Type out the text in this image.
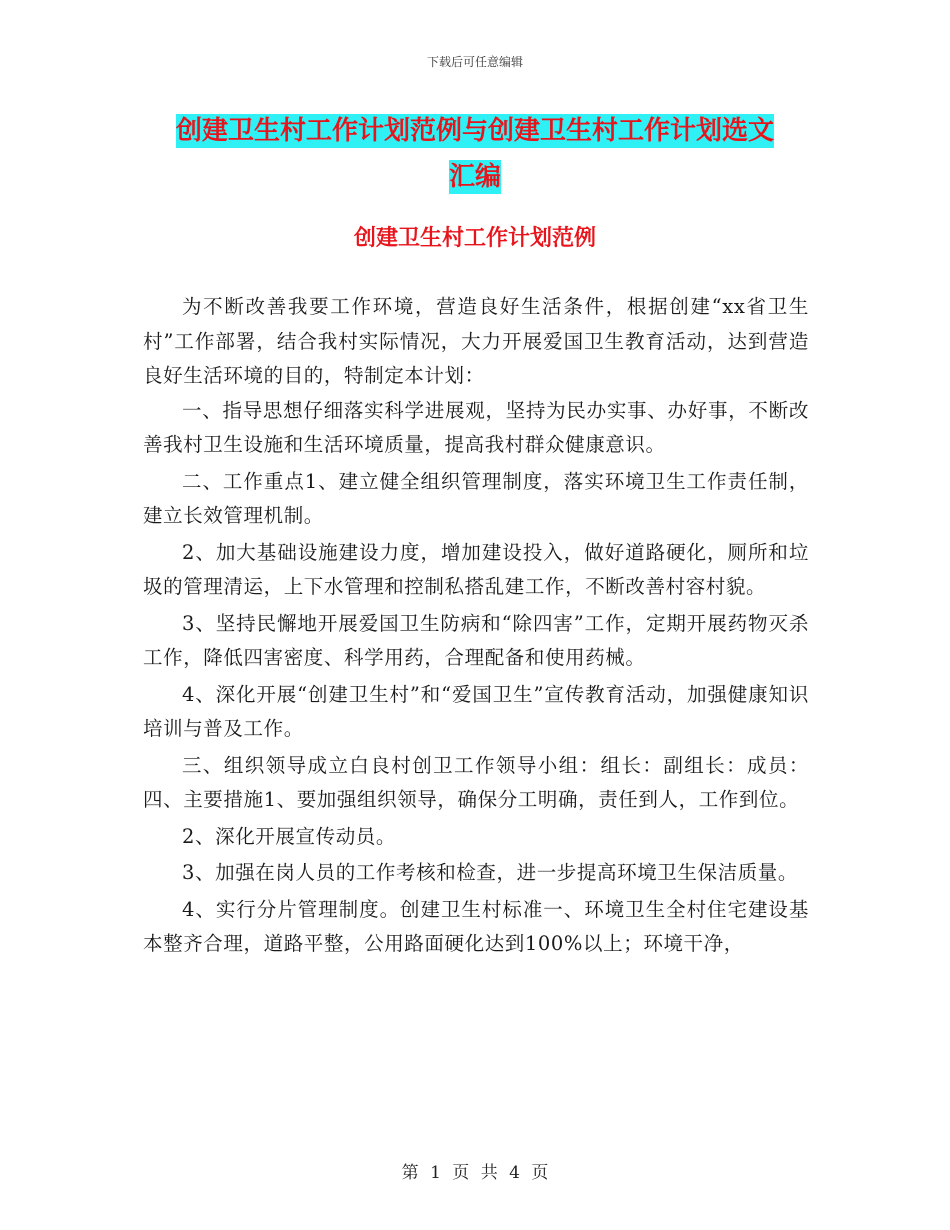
下载后可任意编辑
创建卫生村工作计划范例与创建卫生村工作计划选文
汇编
创建卫生村工作计划范例

为不断改善我要工作环境，营造良好生活条件，根据创建“xx省卫生村”工作部署，结合我村实际情况，大力开展爱国卫生教育活动，达到营造良好生活环境的目的，特制定本计划：

一、指导思想仔细落实科学进展观，坚持为民办实事、办好事，不断改善我村卫生设施和生活环境质量，提高我村群众健康意识。

二、工作重点1、建立健全组织管理制度，落实环境卫生工作责任制，建立长效管理机制。

2、加大基础设施建设力度，增加建设投入，做好道路硬化，厕所和垃圾的管理清运，上下水管理和控制私搭乱建工作，不断改善村容村貌。

3、坚持民懈地开展爱国卫生防病和“除四害”工作，定期开展药物灭杀工作，降低四害密度、科学用药，合理配备和使用药械。

4、深化开展“创建卫生村”和“爱国卫生”宣传教育活动，加强健康知识培训与普及工作。

三、组织领导成立白良村创卫工作领导小组：组长：副组长：成员：四、主要措施1、要加强组织领导，确保分工明确，责任到人，工作到位。

2、深化开展宣传动员。

3、加强在岗人员的工作考核和检查，进一步提高环境卫生保洁质量。

4、实行分片管理制度。创建卫生村标准一、环境卫生全村住宅建设基本整齐合理，道路平整，公用路面硬化达到100%以上；环境干净，

第 1 页 共 4 页
